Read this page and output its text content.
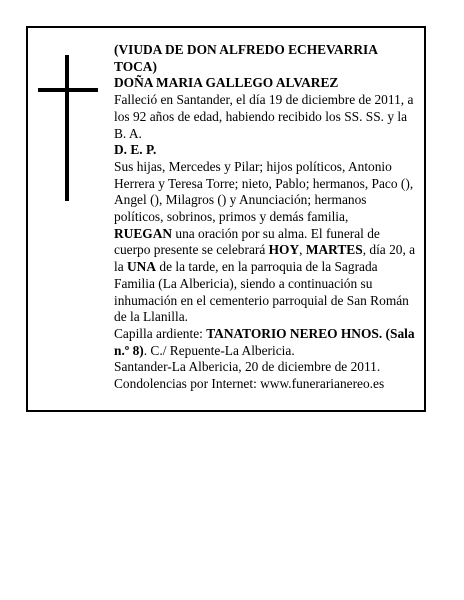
(VIUDA DE DON ALFREDO ECHEVARRIA TOCA)

DOÑA MARIA GALLEGO ALVAREZ

Falleció en Santander, el día 19 de diciembre de 2011, a los 92 años de edad, habiendo recibido los SS. SS. y la B. A.

D. E. P.

Sus hijas, Mercedes y Pilar; hijos políticos, Antonio Herrera y Teresa Torre; nieto, Pablo; hermanos, Paco (), Angel (), Milagros () y Anunciación; hermanos políticos, sobrinos, primos y demás familia,

RUEGAN una oración por su alma. El funeral de cuerpo presente se celebrará HOY, MARTES, día 20, a la UNA de la tarde, en la parroquia de la Sagrada Familia (La Albericia), siendo a continuación su inhumación en el cementerio parroquial de San Román de la Llanilla.

Capilla ardiente: TANATORIO NEREO HNOS. (Sala n.º 8). C./ Repuente-La Albericia.

Santander-La Albericia, 20 de diciembre de 2011.

Condolencias por Internet: www.funerarianereo.es
